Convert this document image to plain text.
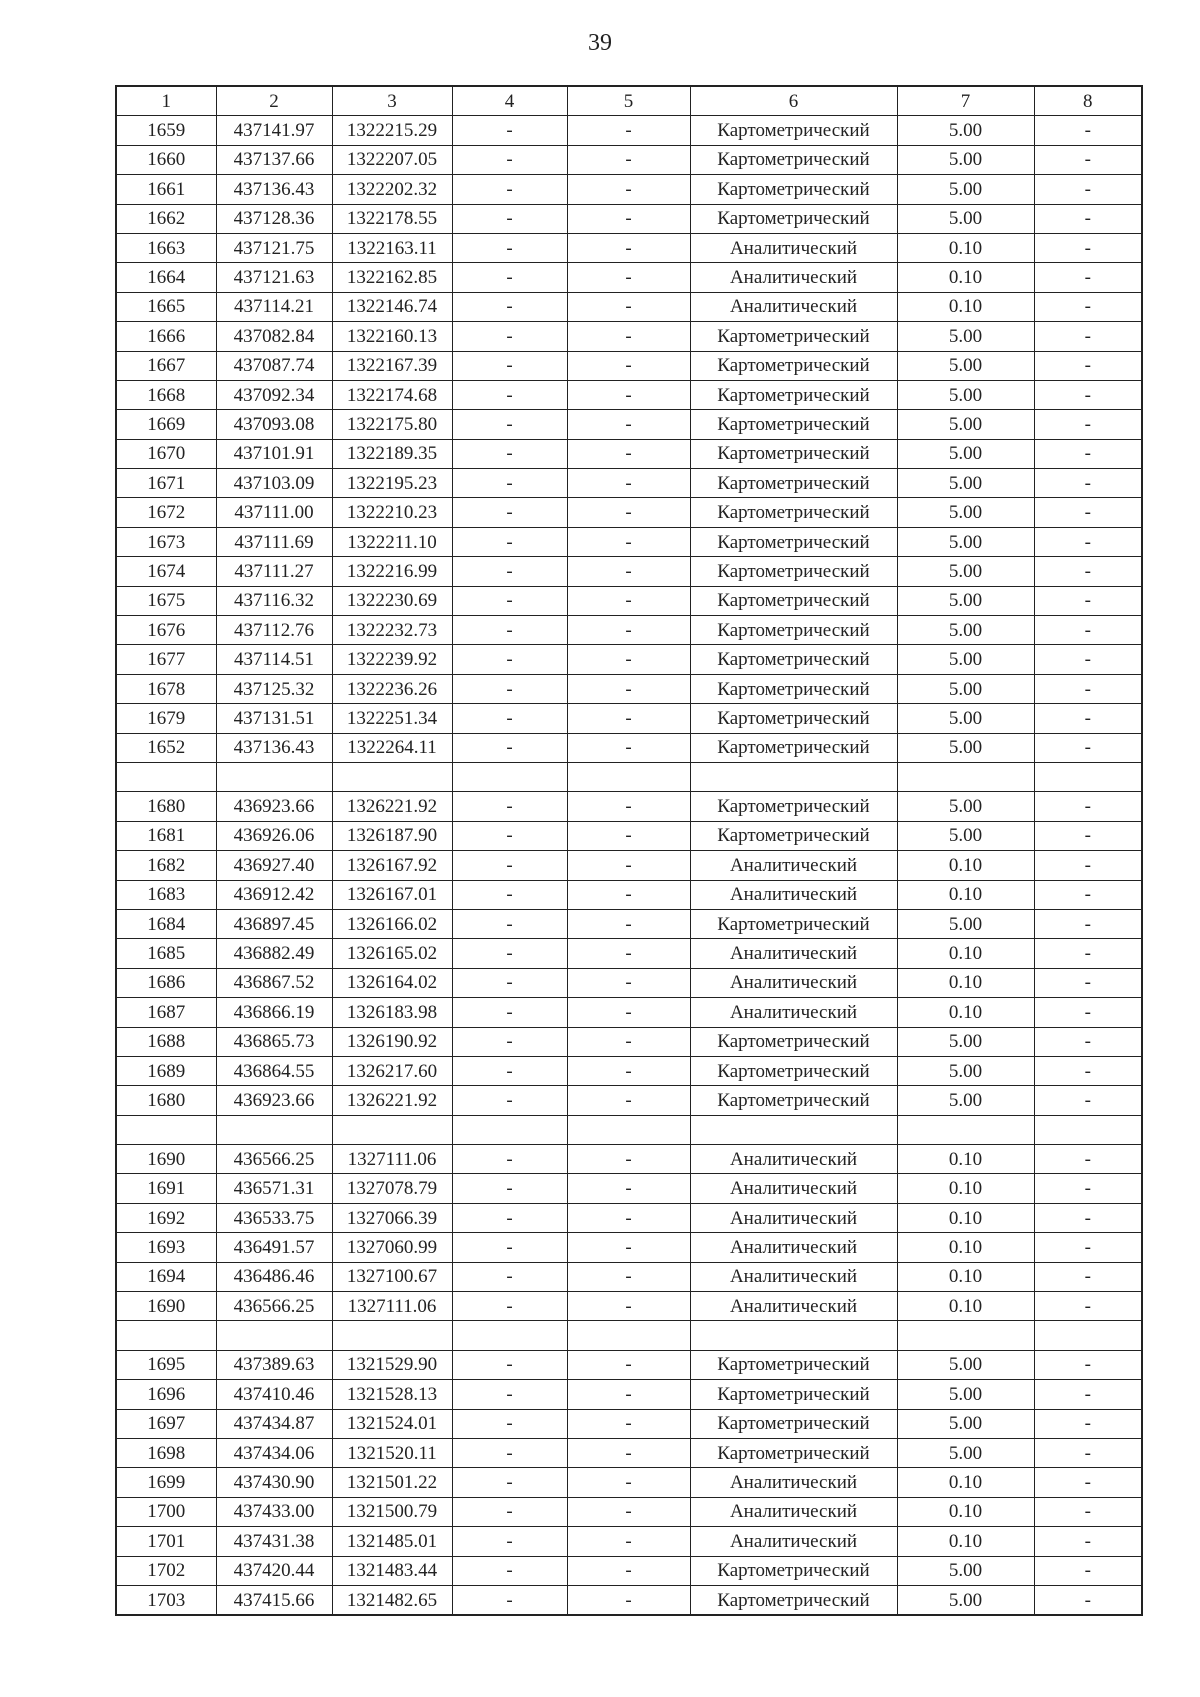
39
1	2	3	4	5	6	7	8
1659	437141.97	1322215.29	-	-	Картометрический	5.00	-
1660	437137.66	1322207.05	-	-	Картометрический	5.00	-
1661	437136.43	1322202.32	-	-	Картометрический	5.00	-
1662	437128.36	1322178.55	-	-	Картометрический	5.00	-
1663	437121.75	1322163.11	-	-	Аналитический	0.10	-
1664	437121.63	1322162.85	-	-	Аналитический	0.10	-
1665	437114.21	1322146.74	-	-	Аналитический	0.10	-
1666	437082.84	1322160.13	-	-	Картометрический	5.00	-
1667	437087.74	1322167.39	-	-	Картометрический	5.00	-
1668	437092.34	1322174.68	-	-	Картометрический	5.00	-
1669	437093.08	1322175.80	-	-	Картометрический	5.00	-
1670	437101.91	1322189.35	-	-	Картометрический	5.00	-
1671	437103.09	1322195.23	-	-	Картометрический	5.00	-
1672	437111.00	1322210.23	-	-	Картометрический	5.00	-
1673	437111.69	1322211.10	-	-	Картометрический	5.00	-
1674	437111.27	1322216.99	-	-	Картометрический	5.00	-
1675	437116.32	1322230.69	-	-	Картометрический	5.00	-
1676	437112.76	1322232.73	-	-	Картометрический	5.00	-
1677	437114.51	1322239.92	-	-	Картометрический	5.00	-
1678	437125.32	1322236.26	-	-	Картометрический	5.00	-
1679	437131.51	1322251.34	-	-	Картометрический	5.00	-
1652	437136.43	1322264.11	-	-	Картометрический	5.00	-

1680	436923.66	1326221.92	-	-	Картометрический	5.00	-
1681	436926.06	1326187.90	-	-	Картометрический	5.00	-
1682	436927.40	1326167.92	-	-	Аналитический	0.10	-
1683	436912.42	1326167.01	-	-	Аналитический	0.10	-
1684	436897.45	1326166.02	-	-	Картометрический	5.00	-
1685	436882.49	1326165.02	-	-	Аналитический	0.10	-
1686	436867.52	1326164.02	-	-	Аналитический	0.10	-
1687	436866.19	1326183.98	-	-	Аналитический	0.10	-
1688	436865.73	1326190.92	-	-	Картометрический	5.00	-
1689	436864.55	1326217.60	-	-	Картометрический	5.00	-
1680	436923.66	1326221.92	-	-	Картометрический	5.00	-

1690	436566.25	1327111.06	-	-	Аналитический	0.10	-
1691	436571.31	1327078.79	-	-	Аналитический	0.10	-
1692	436533.75	1327066.39	-	-	Аналитический	0.10	-
1693	436491.57	1327060.99	-	-	Аналитический	0.10	-
1694	436486.46	1327100.67	-	-	Аналитический	0.10	-
1690	436566.25	1327111.06	-	-	Аналитический	0.10	-

1695	437389.63	1321529.90	-	-	Картометрический	5.00	-
1696	437410.46	1321528.13	-	-	Картометрический	5.00	-
1697	437434.87	1321524.01	-	-	Картометрический	5.00	-
1698	437434.06	1321520.11	-	-	Картометрический	5.00	-
1699	437430.90	1321501.22	-	-	Аналитический	0.10	-
1700	437433.00	1321500.79	-	-	Аналитический	0.10	-
1701	437431.38	1321485.01	-	-	Аналитический	0.10	-
1702	437420.44	1321483.44	-	-	Картометрический	5.00	-
1703	437415.66	1321482.65	-	-	Картометрический	5.00	-
